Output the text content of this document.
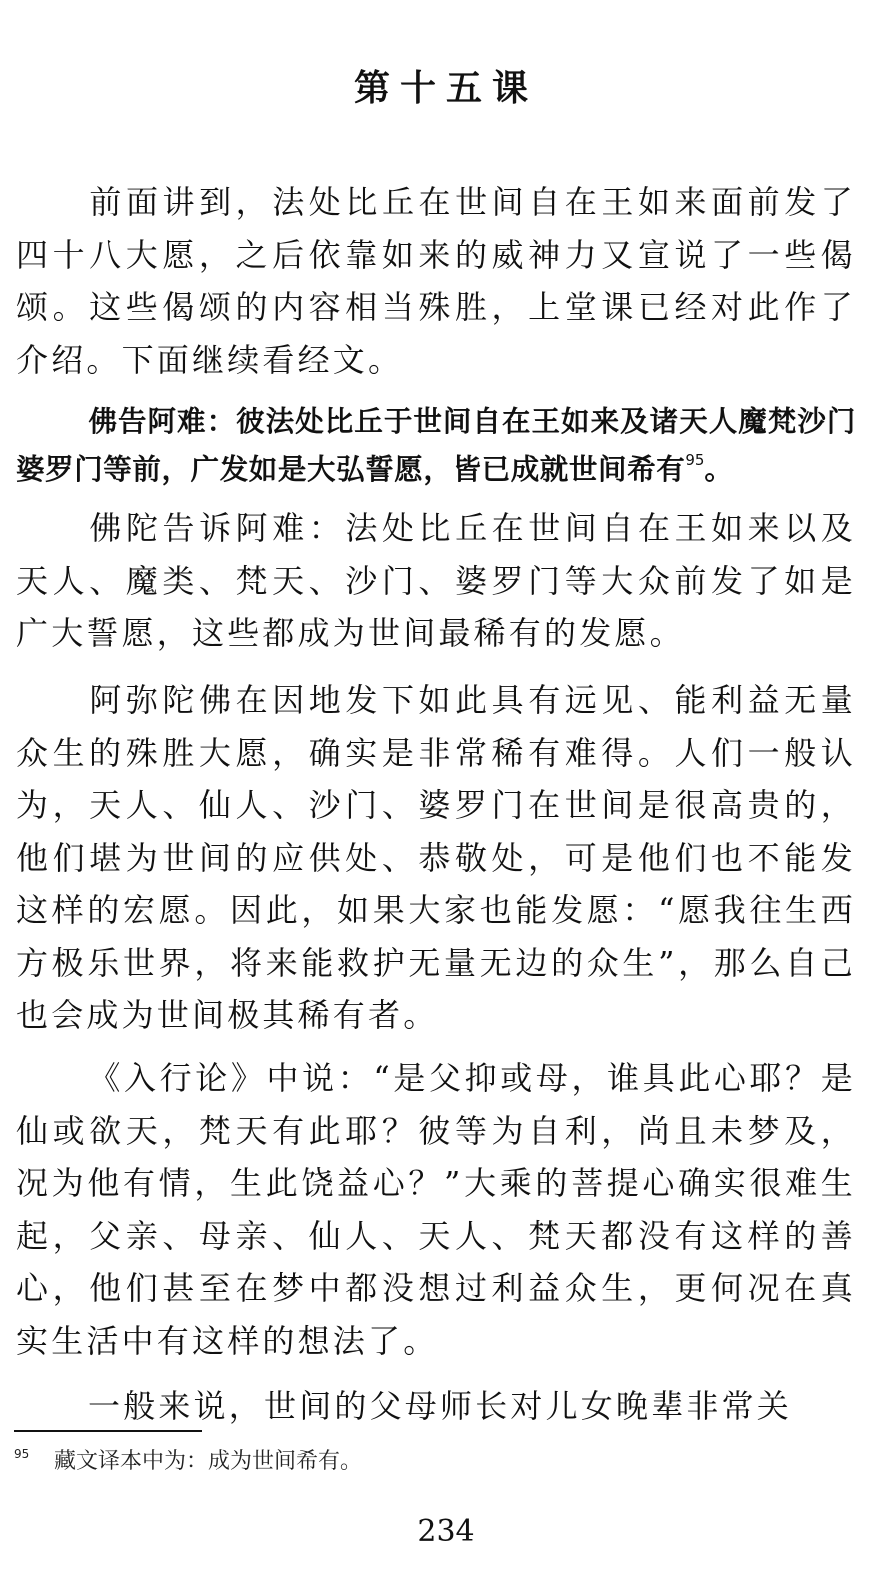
第十五课

前面讲到，法处比丘在世间自在王如来面前发了四十八大愿，之后依靠如来的威神力又宣说了一些偈颂。这些偈颂的内容相当殊胜，上堂课已经对此作了介绍。下面继续看经文。

佛告阿难：彼法处比丘于世间自在王如来及诸天人魔梵沙门婆罗门等前，广发如是大弘誓愿，皆已成就世间希有$^{95}$。

佛陀告诉阿难：法处比丘在世间自在王如来以及天人、魔类、梵天、沙门、婆罗门等大众前发了如是广大誓愿，这些都成为世间最稀有的发愿。

阿弥陀佛在因地发下如此具有远见、能利益无量众生的殊胜大愿，确实是非常稀有难得。人们一般认为，天人、仙人、沙门、婆罗门在世间是很高贵的，他们堪为世间的应供处、恭敬处，可是他们也不能发这样的宏愿。因此，如果大家也能发愿：“愿我往生西方极乐世界，将来能救护无量无边的众生”，那么自己也会成为世间极其稀有者。

《入行论》中说：“是父抑或母，谁具此心耶？是仙或欲天，梵天有此耶？彼等为自利，尚且未梦及，况为他有情，生此饶益心？”大乘的菩提心确实很难生起，父亲、母亲、仙人、天人、梵天都没有这样的善心，他们甚至在梦中都没想过利益众生，更何况在真实生活中有这样的想法了。

一般来说，世间的父母师长对儿女晚辈非常关

95 藏文译本中为：成为世间希有。
234
